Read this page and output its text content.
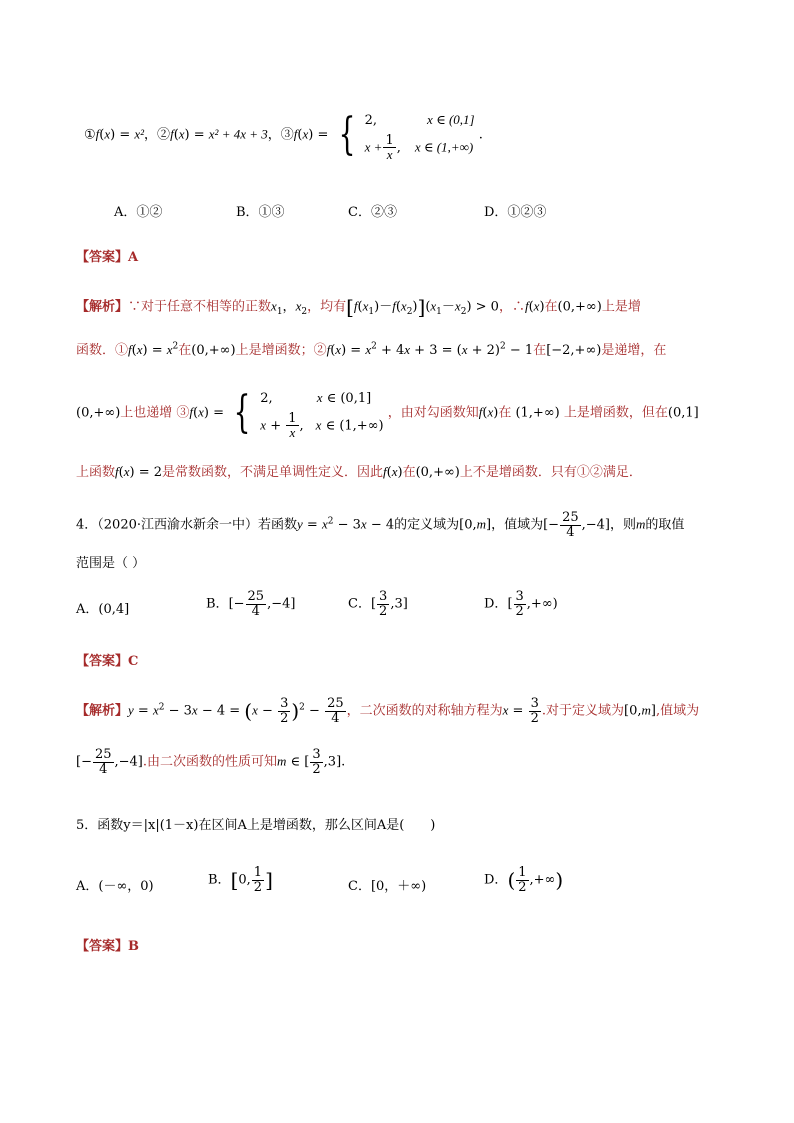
①f(x) = x²，②f(x) = x² + 4x + 3，③f(x) = { 2,	x ∈ (0,1]
$x + \frac{1}{x}$ , x ∈ (1,+∞)
.
A．①②	B．①③	C．②③	D．①②③
【答案】A
【解析】∵对于任意不相等的正数$x_1$，$x_2$，均有$[f(x_1)-f(x_2)](x_1-x_2) > 0$，∴f(x)在(0,+∞)上是增
函数．①f(x) = $x^2$在(0,+∞)上是增函数；②f(x) = $x^2 + 4x + 3 = (x + 2)^2 - 1$在[−2,+∞)是递增，在
(0,+∞)上也递增 ③f(x) = { 2,	x ∈ (0,1]
$x + \frac{1}{x}$ , x ∈ (1,+∞)
，由对勾函数知f(x)在 (1,+∞) 上是增函数，但在(0,1]
上函数f(x) = 2是常数函数，不满足单调性定义．因此f(x)在(0,+∞)上不是增函数．只有①②满足．
4．（2020·江西渝水新余一中）若函数$y = x^2 - 3x - 4$的定义域为[0,m]，值域为[− $\frac{25}{4} ,-4$]，则m的取值
范围是（ ）
A．(0,4]	B．[− $\frac{25}{4} ,-4$]	C．[ $\frac{3}{2} ,3$]	D．[ $\frac{3}{2}$ ,+∞)
【答案】C
【解析】$y = x^2 - 3x - 4 = (x - \frac{3}{2} )^2 - \frac{25}{4}$ ，二次函数的对称轴方程为$x = \frac{3}{2}$ .对于定义域为[0,m],值域为
[− $\frac{25}{4} ,-4$].由二次函数的性质可知m ∈ [ $\frac{3}{2} ,3$].
5．函数y＝|x|(1－x)在区间A上是增函数，那么区间A是(　　)
A．(－∞，0)	B．[0, $\frac{1}{2}$ ]	C．[0，＋∞)	D．( $\frac{1}{2}$ ,+∞)
【答案】B
